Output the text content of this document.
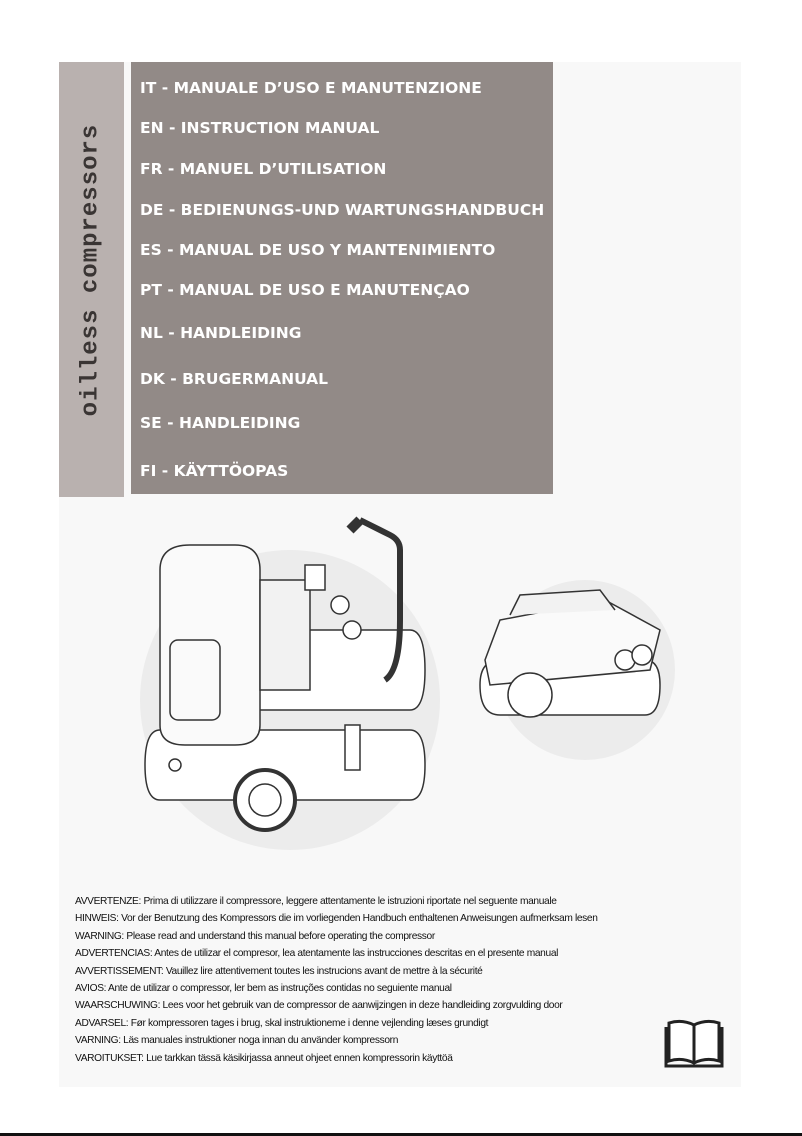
oilless compressors
IT - MANUALE D’USO E MANUTENZIONE
EN - INSTRUCTION MANUAL
FR - MANUEL D’UTILISATION
DE - BEDIENUNGS-UND WARTUNGSHANDBUCH
ES - MANUAL DE USO Y MANTENIMIENTO
PT - MANUAL DE USO E MANUTENÇAO
NL - HANDLEIDING
DK - BRUGERMANUAL
SE - HANDLEIDING
FI - KÄYTTÖOPAS
AVVERTENZE: Prima di utilizzare il compressore, leggere attentamente le istruzioni riportate nel seguente manuale
HINWEIS: Vor der Benutzung des Kompressors die im vorliegenden Handbuch enthaltenen Anweisungen aufmerksam lesen
WARNING: Please read and understand this manual before operating the compressor
ADVERTENCIAS: Antes de utilizar el compresor, lea atentamente las instrucciones descritas en el presente manual
AVVERTISSEMENT: Vauillez lire attentivement toutes les instrucions avant de mettre à la sécurité
AVIOS: Ante de utilizar o compressor, ler bem as instruções contidas no seguiente manual
WAARSCHUWING: Lees voor het gebruik van de compressor de aanwijzingen in deze handleiding zorgvulding door
ADVARSEL: Før kompressoren tages i brug, skal instruktioneme i denne vejlending læses grundigt
VARNING: Läs manuales instruktioner noga innan du använder kompressorn
VAROITUKSET: Lue tarkkan tässä käsikirjassa anneut ohjeet ennen kompressorin käyttöä
